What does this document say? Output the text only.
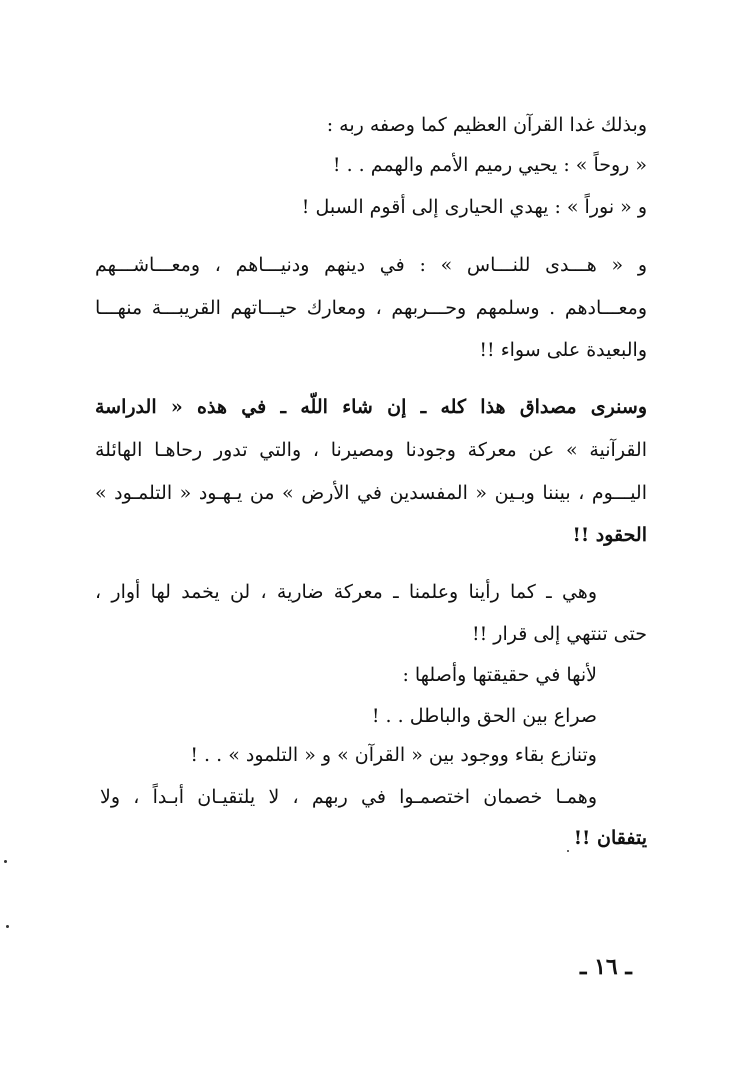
وبذلك غدا القرآن العظيم كما وصفه ربه :
« روحاً » : يحيي رميم الأمم والهمم . . !
و « نوراً » : يهدي الحيارى إلى أقوم السبل !
و « هـــدى للنـــاس » : في دينهم ودنيـــاهم ، ومعـــاشـــهم
ومعـــادهم . وسلمهم وحـــربهم ، ومعارك حيـــاتهم القريبـــة منهـــا
والبعيدة على سواء !!
وسنرى مصداق هذا كله ـ إن شاء اللّه ـ في هذه « الدراسة
القرآنية » عن معركة وجودنا ومصيرنا ، والتي تدور رحاهـا الهائلة
اليـــوم ، بيننا وبـين « المفسدين في الأرض » من يـهـود « التلمـود »
الحقود !!
وهي ـ كما رأينا وعلمنا ـ معركة ضارية ، لن يخمد لها أوار ،
حتى تنتهي إلى قرار !!
لأنها في حقيقتها وأصلها :
صراع بين الحق والباطل . . !
وتنازع بقاء ووجود بين « القرآن » و « التلمود » . . !
وهمـا خصمان اختصمـوا في ربهم ، لا يلتقيـان أبـداً ، ولا
يتفقان !!
ـ ١٦ ـ
